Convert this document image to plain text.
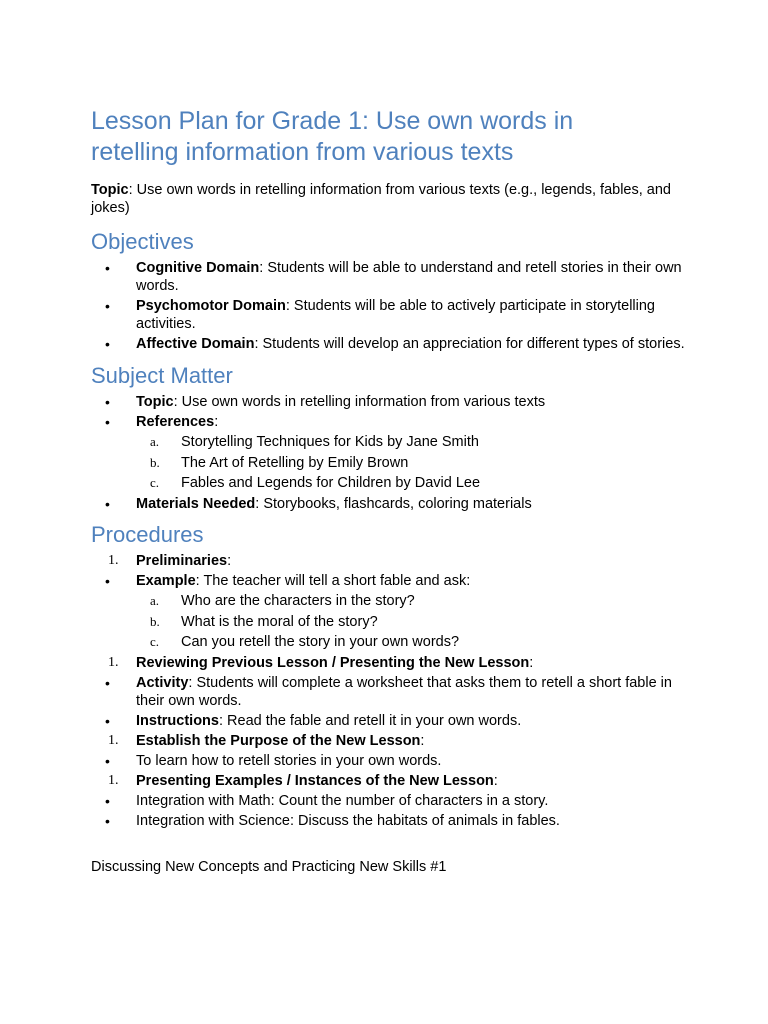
Lesson Plan for Grade 1: Use own words in retelling information from various texts

Topic: Use own words in retelling information from various texts (e.g., legends, fables, and jokes)

Objectives
•	Cognitive Domain: Students will be able to understand and retell stories in their own words.
•	Psychomotor Domain: Students will be able to actively participate in storytelling activities.
•	Affective Domain: Students will develop an appreciation for different types of stories.
Subject Matter
•	Topic: Use own words in retelling information from various texts
•	References:
a.	Storytelling Techniques for Kids by Jane Smith
b.	The Art of Retelling by Emily Brown
c.	Fables and Legends for Children by David Lee
•	Materials Needed: Storybooks, flashcards, coloring materials
Procedures
1.	Preliminaries:
•	Example: The teacher will tell a short fable and ask:
a.	Who are the characters in the story?
b.	What is the moral of the story?
c.	Can you retell the story in your own words?
1.	Reviewing Previous Lesson / Presenting the New Lesson:
•	Activity: Students will complete a worksheet that asks them to retell a short fable in their own words.
•	Instructions: Read the fable and retell it in your own words.
1.	Establish the Purpose of the New Lesson:
•	To learn how to retell stories in your own words.
1.	Presenting Examples / Instances of the New Lesson:
•	Integration with Math: Count the number of characters in a story.
•	Integration with Science: Discuss the habitats of animals in fables.

Discussing New Concepts and Practicing New Skills #1
